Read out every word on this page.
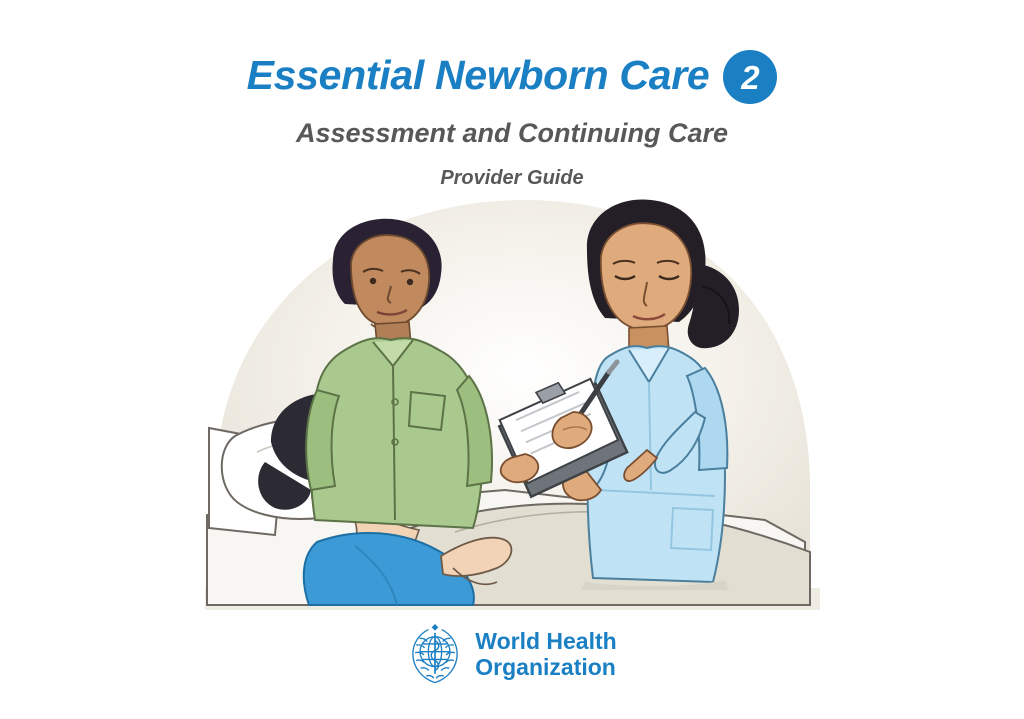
Essential Newborn Care 2
Assessment and Continuing Care
Provider Guide
World Health
Organization
